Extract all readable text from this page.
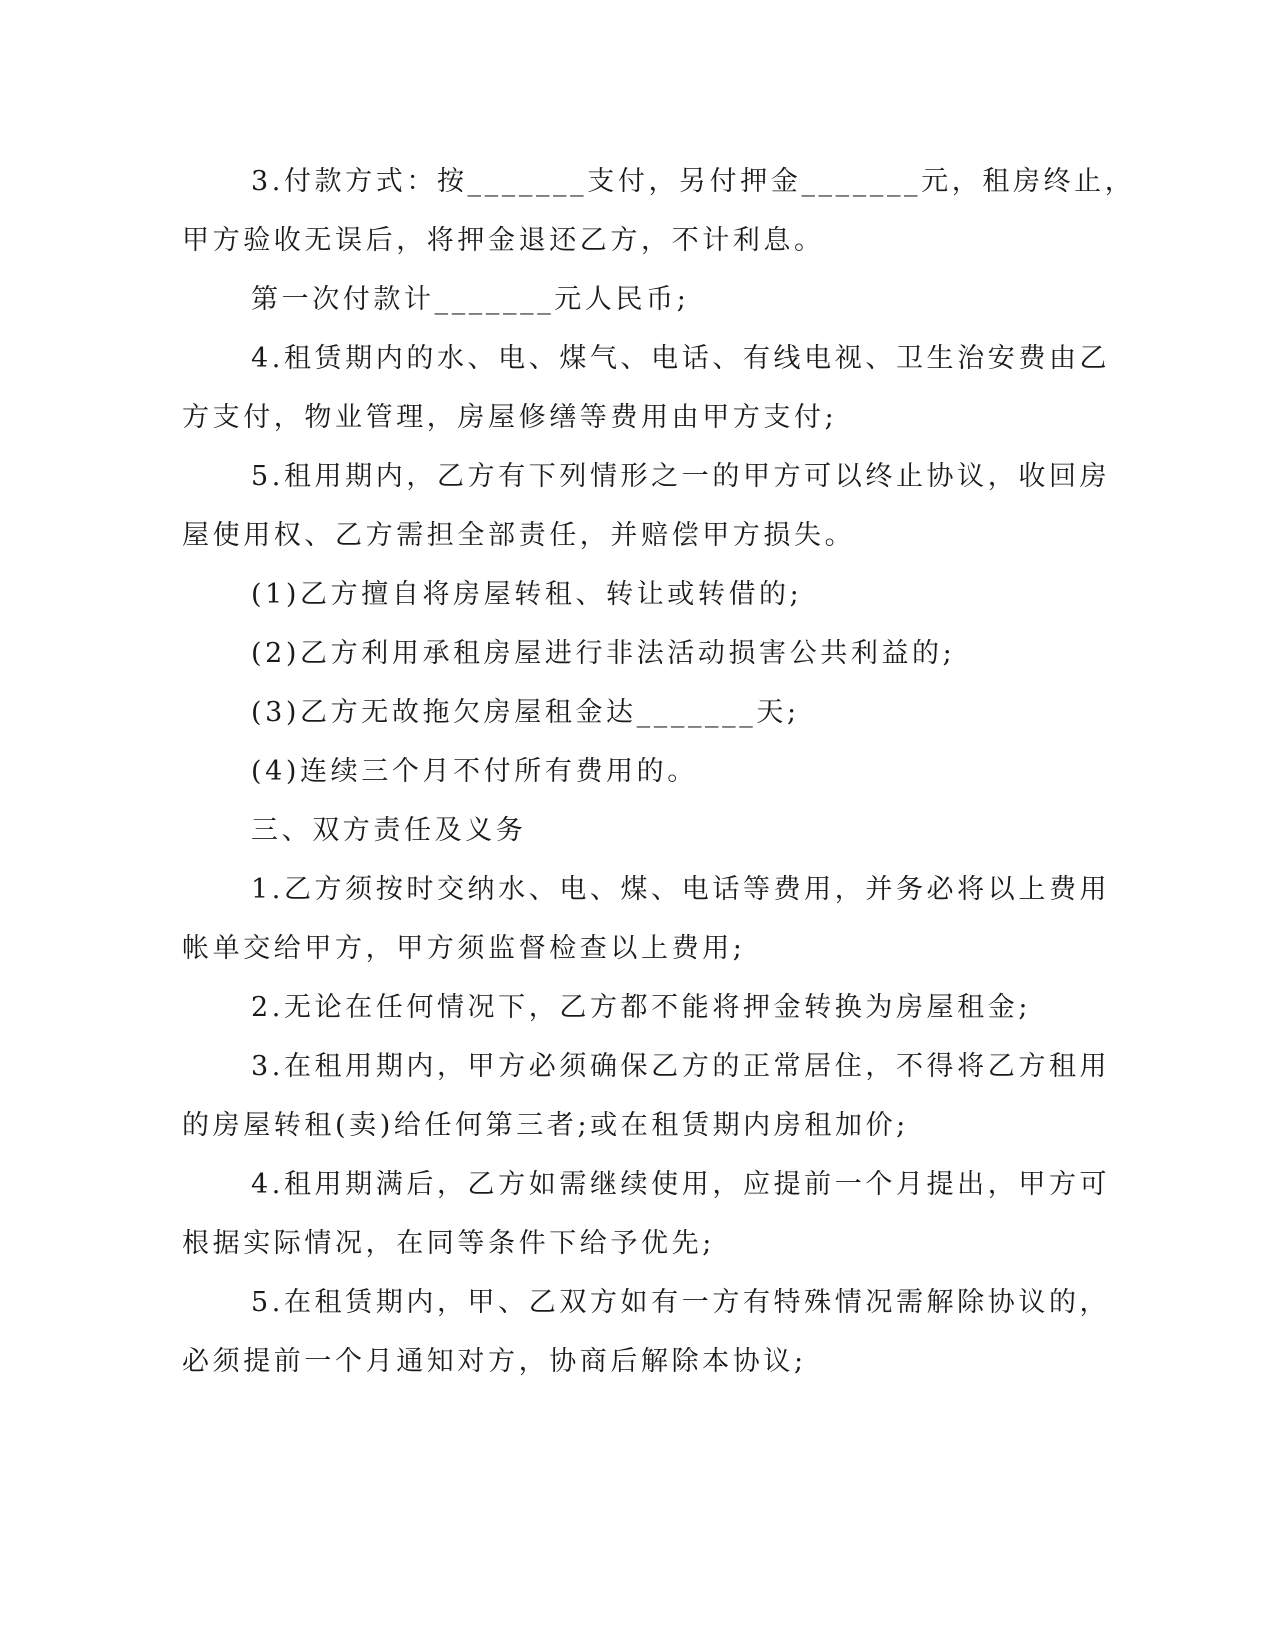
3.付款方式：按_______支付，另付押金_______元，租房终止，
甲方验收无误后，将押金退还乙方，不计利息。
第一次付款计_______元人民币;
4.租赁期内的水、电、煤气、电话、有线电视、卫生治安费由乙
方支付，物业管理，房屋修缮等费用由甲方支付;
5.租用期内，乙方有下列情形之一的甲方可以终止协议，收回房
屋使用权、乙方需担全部责任，并赔偿甲方损失。
(1)乙方擅自将房屋转租、转让或转借的;
(2)乙方利用承租房屋进行非法活动损害公共利益的;
(3)乙方无故拖欠房屋租金达_______天;
(4)连续三个月不付所有费用的。
三、双方责任及义务
1.乙方须按时交纳水、电、煤、电话等费用，并务必将以上费用
帐单交给甲方，甲方须监督检查以上费用;
2.无论在任何情况下，乙方都不能将押金转换为房屋租金;
3.在租用期内，甲方必须确保乙方的正常居住，不得将乙方租用
的房屋转租(卖)给任何第三者;或在租赁期内房租加价;
4.租用期满后，乙方如需继续使用，应提前一个月提出，甲方可
根据实际情况，在同等条件下给予优先;
5.在租赁期内，甲、乙双方如有一方有特殊情况需解除协议的，
必须提前一个月通知对方，协商后解除本协议;
